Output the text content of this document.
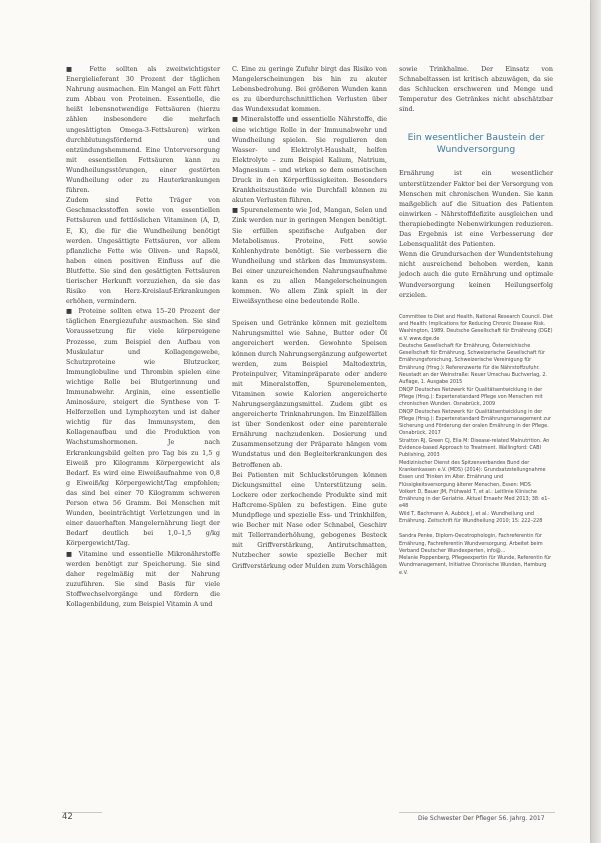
■ Fette sollten als zweitwichtigster Energielieferant 30 Prozent der täglichen Nahrung ausmachen. Ein Mangel an Fett führt zum Abbau von Proteinen. Essentielle, die heißt lebensnotwendige Fettsäuren (hierzu zählen insbesondere die mehrfach ungesättigten Omega-3-Fettsäuren) wirken durchblutungsfördernd und entzündungshemmend. Eine Unterversorgung mit essentiellen Fettsäuren kann zu Wundheilungsstörungen, einer gestörten Wundheilung oder zu Hauterkrankungen führen.

Zudem sind Fette Träger von Geschmacksstoffen sowie von essentiellen Fettsäuren und fettlöslichen Vitaminen (A, D, E, K), die für die Wundheilung benötigt werden. Ungesättigte Fettsäuren, vor allem pflanzliche Fette wie Oliven- und Rapsöl, haben einen positiven Einfluss auf die Blutfette. Sie sind den gesättigten Fettsäuren tierischer Herkunft vorzuziehen, da sie das Risiko von Herz-Kreislauf-Erkrankungen erhöhen, vermindern.

■ Proteine sollten etwa 15–20 Prozent der täglichen Energiezufuhr ausmachen. Sie sind Voraussetzung für viele körpereigene Prozesse, zum Beispiel den Aufbau von Muskulatur und Kollagengewebe, Schutzproteine wie Blutzucker, Immunglobuline und Thrombin spielen eine wichtige Rolle bei Blutgerinnung und Immunabwehr. Arginin, eine essentielle Aminosäure, steigert die Synthese von T-Helferzellen und Lymphozyten und ist daher wichtig für das Immunsystem, den Kollagenaufbau und die Produktion von Wachstumshormonen. Je nach Erkrankungsbild gelten pro Tag bis zu 1,5 g Eiweiß pro Kilogramm Körpergewicht als Bedarf. Es wird eine Eiweißaufnahme von 0,8 g Eiweiß/kg Körpergewicht/Tag empfohlen; das sind bei einer 70 Kilogramm schweren Person etwa 56 Gramm. Bei Menschen mit Wunden, beeinträchtigt Verletzungen und in einer dauerhaften Mangelernährung liegt der Bedarf deutlich bei 1,0–1,5 g/kg Körpergewicht/Tag.

■ Vitamine und essentielle Mikronährstoffe werden benötigt zur Speicherung. Sie sind daher regelmäßig mit der Nahrung zuzuführen. Sie sind Basis für viele Stoffwechselvorgänge und fördern die Kollagenbildung, zum Beispiel Vitamin A und

C. Eine zu geringe Zufuhr birgt das Risiko von Mangelerscheinungen bis hin zu akuter Lebensbedrohung. Bei größeren Wunden kann es zu überdurchschnittlichen Verlusten über das Wundexsudat kommen.

■ Mineralstoffe und essentielle Nährstoffe, die eine wichtige Rolle in der Immunabwehr und Wundheilung spielen. Sie regulieren den Wasser- und Elektrolyt-Haushalt, helfen Elektrolyte – zum Beispiel Kalium, Natrium, Magnesium – und wirken so dem osmotischen Druck in den Körperflüssigkeiten. Besonders Krankheitszustände wie Durchfall können zu akuten Verlusten führen.

■ Spurenelemente wie Jod, Mangan, Selen und Zink werden nur in geringen Mengen benötigt. Sie erfüllen spezifische Aufgaben der Metabolismus. Proteine, Fett sowie Kohlenhydrate benötigt. Sie verbessern die Wundheilung und stärken das Immunsystem. Bei einer unzureichenden Nahrungsaufnahme kann es zu allen Mangelerscheinungen kommen. Wo allem Zink spielt in der Eiweißsynthese eine bedeutende Rolle.

Speisen und Getränke können mit gezieltem Nahrungsmittel wie Sahne, Butter oder Öl angereichert werden. Gewohnte Speisen können durch Nahrungsergänzung aufgewertet werden, zum Beispiel Maltodextrin, Proteinpulver, Vitaminpräparate oder andere mit Mineralstoffen, Spurenelementen, Vitaminen sowie Kalorien angereicherte Nahrungsergänzungsmittel. Zudem gibt es angereicherte Trinknahrungen. Im Einzelfällen ist über Sondenkost oder eine parenterale Ernährung nachzudenken. Dosierung und Zusammensetzung der Präparate hängen vom Wundstatus und den Begleiterkrankungen des Betroffenen ab.

Bei Patienten mit Schluckstörungen können Dickungsmittel eine Unterstützung sein. Lockere oder zerkochende Produkte sind mit Haftcreme-Spülen zu befestigen. Eine gute Mundpflege und spezielle Ess- und Trinkhilfen, wie Becher mit Nase oder Schnabel, Geschirr mit Tellerranderhöhung, gebogenes Besteck mit Griffverstärkung, Antirutschmatten, Nutzbecher sowie spezielle Becher mit Griffverstärkung oder Mulden zum Vorschlägen

sowie Trinkhalme. Der Einsatz von Schnabeltassen ist kritisch abzuwägen, da sie das Schlucken erschweren und Menge und Temperatur des Getränkes nicht abschätzbar sind.

Ein wesentlicher Baustein der Wundversorgung

Ernährung ist ein wesentlicher unterstützender Faktor bei der Versorgung von Menschen mit chronischen Wunden. Sie kann maßgeblich auf die Situation des Patienten einwirken – Nährstoffdefizite ausgleichen und therapiebedingte Nebenwirkungen reduzieren. Das Ergebnis ist eine Verbesserung der Lebensqualität des Patienten.

Wenn die Grundursachen der Wundentstehung nicht ausreichend behoben werden, kann jedoch auch die gute Ernährung und optimale Wundversorgung keinen Heilungserfolg erzielen.

Committee to Diet and Health, National Research Council. Diet and Health: Implications for Reducing Chronic Disease Risk. Washington, 1989. Deutsche Gesellschaft für Ernährung (DGE) e.V. www.dge.de

Deutsche Gesellschaft für Ernährung, Österreichische Gesellschaft für Ernährung, Schweizerische Gesellschaft für Ernährungsforschung, Schweizerische Vereinigung für Ernährung (Hrsg.): Referenzwerte für die Nährstoffzufuhr. Neustadt an der Weinstraße: Neuer Umschau Buchverlag, 2. Auflage, 1. Ausgabe 2015

DNQP Deutsches Netzwerk für Qualitätsentwicklung in der Pflege (Hrsg.): Expertenstandard Pflege von Menschen mit chronischen Wunden. Osnabrück, 2009

DNQP Deutsches Netzwerk für Qualitätsentwicklung in der Pflege (Hrsg.): Expertenstandard Ernährungsmanagement zur Sicherung und Förderung der oralen Ernährung in der Pflege. Osnabrück, 2017

Stratton RJ, Green CJ, Elia M: Disease-related Malnutrition. An Evidence-based Approach to Treatment. Wallingford: CABI Publishing, 2003

Medizinischer Dienst des Spitzenverbandes Bund der Krankenkassen e.V. (MDS) (2014): Grundsatzstellungnahme Essen und Trinken im Alter. Ernährung und Flüssigkeitsversorgung älterer Menschen, Essen: MDS

Volkert D, Bauer JM, Frühwald T, et al.: Leitlinie Klinische Ernährung in der Geriatrie. Aktuel Ernaehr Med 2013; 38: e1–e48

Wild T, Bachmann A, Auböck J, et al.: Wundheilung und Ernährung. Zeitschrift für Wundheilung 2010; 15: 222–228

Sandra Penke, Diplom-Oecotrophologin, Fachreferentin für Ernährung, Fachreferentin Wundversorgung. Arbeitet beim Verband Deutscher Wundexperten, info@…

Melanie Poppenberg, Pflegeexpertin für Wunde, Referentin für Wundmanagement, Initiative Chronische Wunden, Hamburg e.V.

42	Die Schwester Der Pfleger 56. Jahrg. 2017
